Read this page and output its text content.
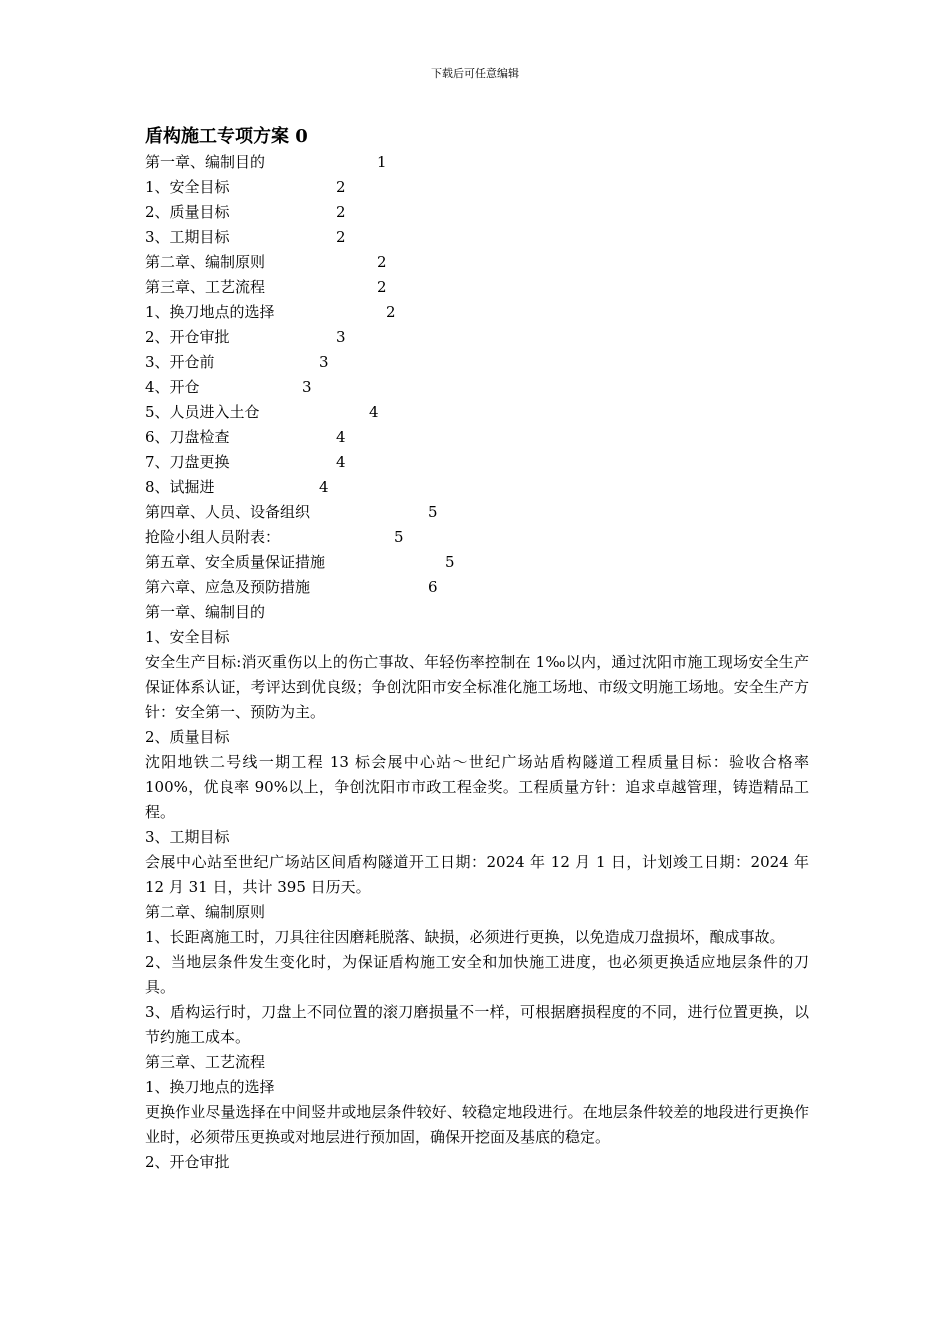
下载后可任意编辑
盾构施工专项方案 0
第一章、编制目的	1
1、安全目标	2
2、质量目标	2
3、工期目标	2
第二章、编制原则	2
第三章、工艺流程	2
1、换刀地点的选择	2
2、开仓审批	3
3、开仓前	3
4、开仓	3
5、人员进入土仓	4
6、刀盘检查	4
7、刀盘更换	4
8、试掘进	4
第四章、人员、设备组织	5
抢险小组人员附表：	5
第五章、安全质量保证措施	5
第六章、应急及预防措施	6
第一章、编制目的
1、安全目标
安全生产目标:消灭重伤以上的伤亡事故、年轻伤率控制在 1‰以内，通过沈阳市施工现场安全生产保证体系认证，考评达到优良级；争创沈阳市安全标准化施工场地、市级文明施工场地。安全生产方针：安全第一、预防为主。
2、质量目标
沈阳地铁二号线一期工程 13 标会展中心站～世纪广场站盾构隧道工程质量目标：验收合格率 100%，优良率 90%以上，争创沈阳市市政工程金奖。工程质量方针：追求卓越管理，铸造精品工程。
3、工期目标
会展中心站至世纪广场站区间盾构隧道开工日期：2024 年 12 月 1 日，计划竣工日期：2024 年 12 月 31 日，共计 395 日历天。
第二章、编制原则
1、长距离施工时，刀具往往因磨耗脱落、缺损，必须进行更换，以免造成刀盘损坏，酿成事故。
2、当地层条件发生变化时，为保证盾构施工安全和加快施工进度，也必须更换适应地层条件的刀具。
3、盾构运行时，刀盘上不同位置的滚刀磨损量不一样，可根据磨损程度的不同，进行位置更换，以节约施工成本。
第三章、工艺流程
1、换刀地点的选择
更换作业尽量选择在中间竖井或地层条件较好、较稳定地段进行。在地层条件较差的地段进行更换作业时，必须带压更换或对地层进行预加固，确保开挖面及基底的稳定。
2、开仓审批
